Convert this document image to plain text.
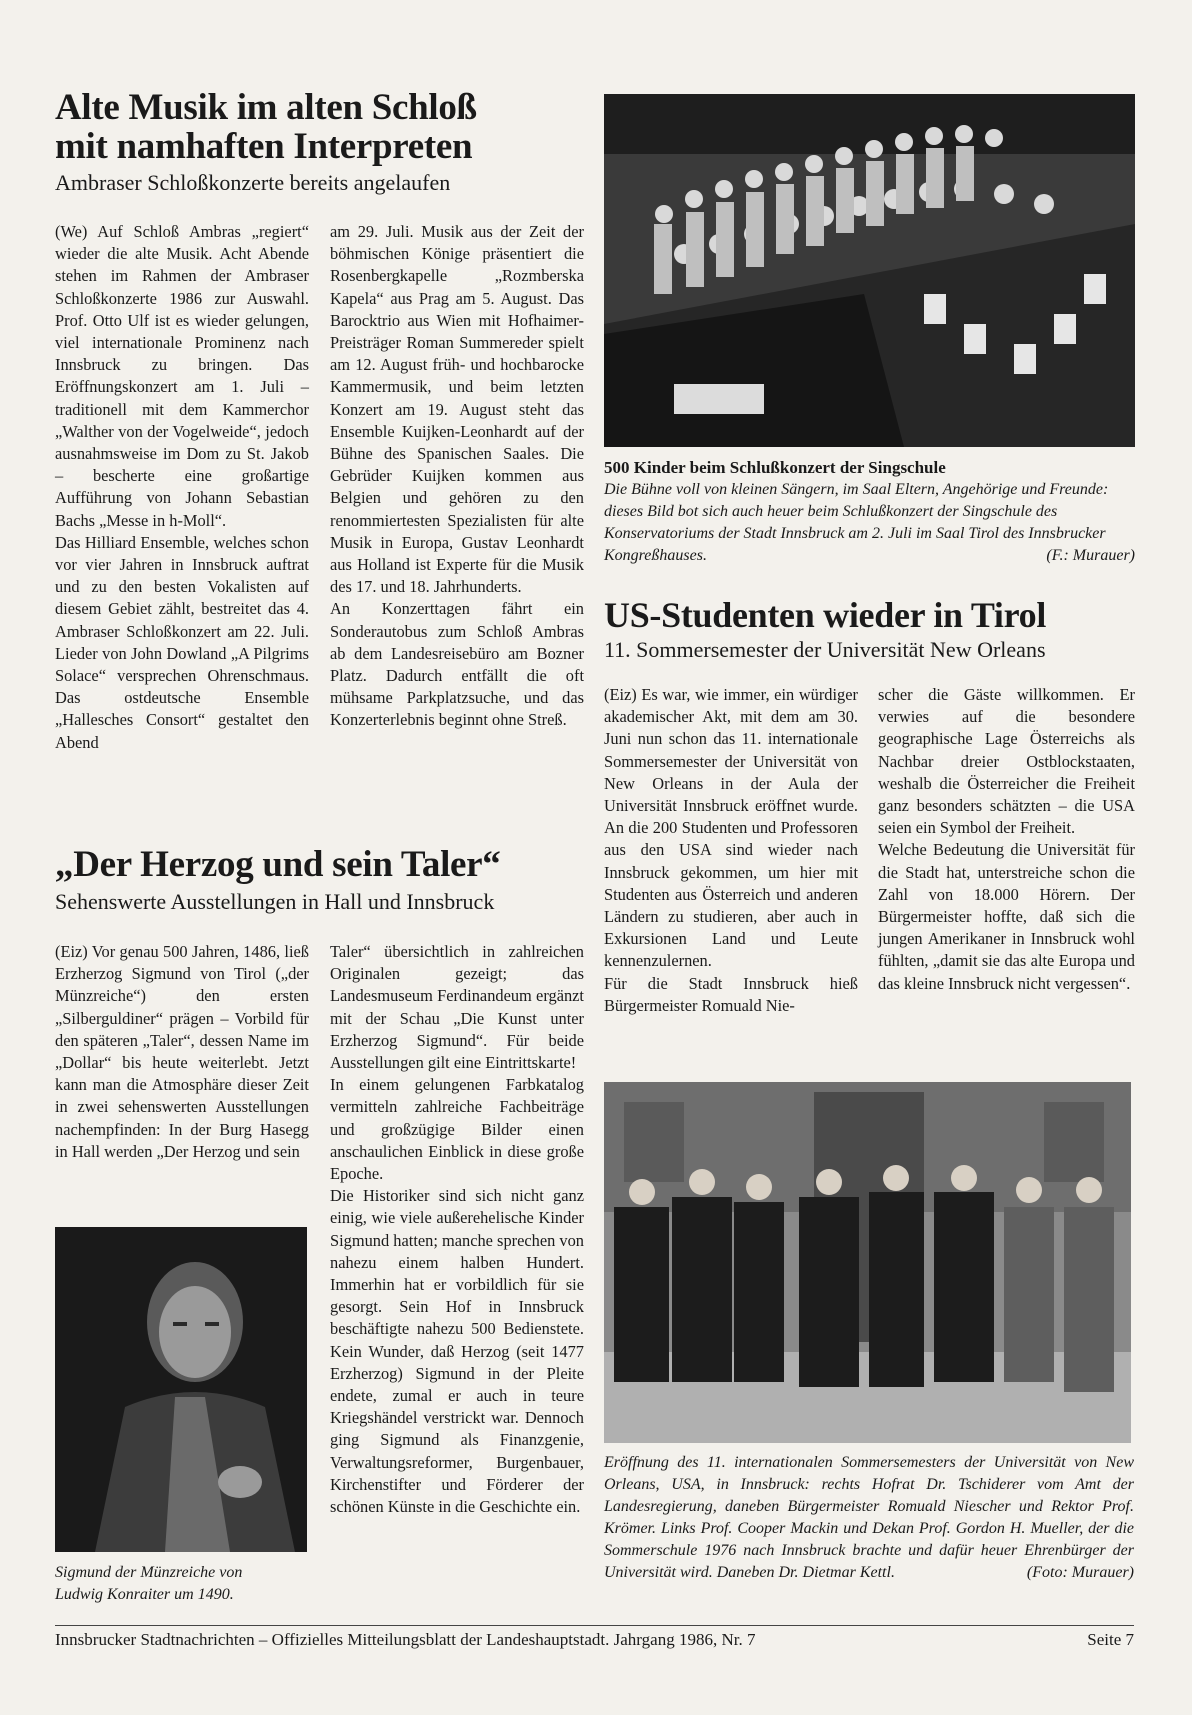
Alte Musik im alten Schloß
mit namhaften Interpreten
Ambraser Schloßkonzerte bereits angelaufen

(We) Auf Schloß Ambras „regiert“ wieder die alte Musik. Acht Abende stehen im Rahmen der Ambraser Schloßkonzerte 1986 zur Auswahl. Prof. Otto Ulf ist es wieder gelungen, viel internationale Prominenz nach Innsbruck zu bringen. Das Eröffnungskonzert am 1. Juli – traditionell mit dem Kammerchor „Walther von der Vogelweide“, jedoch ausnahmsweise im Dom zu St. Jakob – bescherte eine großartige Aufführung von Johann Sebastian Bachs „Messe in h-Moll“.

Das Hilliard Ensemble, welches schon vor vier Jahren in Innsbruck auftrat und zu den besten Vokalisten auf diesem Gebiet zählt, bestreitet das 4. Ambraser Schloßkonzert am 22. Juli. Lieder von John Dowland „A Pilgrims Solace“ versprechen Ohrenschmaus. Das ostdeutsche Ensemble „Hallesches Consort“ gestaltet den Abend

am 29. Juli. Musik aus der Zeit der böhmischen Könige präsentiert die Rosenbergkapelle „Rozmberska Kapela“ aus Prag am 5. August. Das Barocktrio aus Wien mit Hofhaimer-Preisträger Roman Summereder spielt am 12. August früh- und hochbarocke Kammermusik, und beim letzten Konzert am 19. August steht das Ensemble Kuijken-Leonhardt auf der Bühne des Spanischen Saales. Die Gebrüder Kuijken kommen aus Belgien und gehören zu den renommiertesten Spezialisten für alte Musik in Europa, Gustav Leonhardt aus Holland ist Experte für die Musik des 17. und 18. Jahrhunderts.

An Konzerttagen fährt ein Sonderautobus zum Schloß Ambras ab dem Landesreisebüro am Bozner Platz. Dadurch entfällt die oft mühsame Parkplatzsuche, und das Konzerterlebnis beginnt ohne Streß.

500 Kinder beim Schlußkonzert der Singschule
Die Bühne voll von kleinen Sängern, im Saal Eltern, Angehörige und Freunde: dieses Bild bot sich auch heuer beim Schlußkonzert der Singschule des Konservatoriums der Stadt Innsbruck am 2. Juli im Saal Tirol des Innsbrucker Kongreßhauses.	(F.: Murauer)
US-Studenten wieder in Tirol
11. Sommersemester der Universität New Orleans

(Eiz) Es war, wie immer, ein würdiger akademischer Akt, mit dem am 30. Juni nun schon das 11. internationale Sommersemester der Universität von New Orleans in der Aula der Universität Innsbruck eröffnet wurde. An die 200 Studenten und Professoren aus den USA sind wieder nach Innsbruck gekommen, um hier mit Studenten aus Österreich und anderen Ländern zu studieren, aber auch in Exkursionen Land und Leute kennenzulernen.

Für die Stadt Innsbruck hieß Bürgermeister Romuald Nie-

scher die Gäste willkommen. Er verwies auf die besondere geographische Lage Österreichs als Nachbar dreier Ostblockstaaten, weshalb die Österreicher die Freiheit ganz besonders schätzten – die USA seien ein Symbol der Freiheit.

Welche Bedeutung die Universität für die Stadt hat, unterstreiche schon die Zahl von 18.000 Hörern. Der Bürgermeister hoffte, daß sich die jungen Amerikaner in Innsbruck wohl fühlten, „damit sie das alte Europa und das kleine Innsbruck nicht vergessen“.

Eröffnung des 11. internationalen Sommersemesters der Universität von New Orleans, USA, in Innsbruck: rechts Hofrat Dr. Tschiderer vom Amt der Landesregierung, daneben Bürgermeister Romuald Niescher und Rektor Prof. Krömer. Links Prof. Cooper Mackin und Dekan Prof. Gordon H. Mueller, der die Sommerschule 1976 nach Innsbruck brachte und dafür heuer Ehrenbürger der Universität wird. Daneben Dr. Dietmar Kettl.	(Foto: Murauer)
„Der Herzog und sein Taler“
Sehenswerte Ausstellungen in Hall und Innsbruck

(Eiz) Vor genau 500 Jahren, 1486, ließ Erzherzog Sigmund von Tirol („der Münzreiche“) den ersten „Silberguldiner“ prägen – Vorbild für den späteren „Taler“, dessen Name im „Dollar“ bis heute weiterlebt. Jetzt kann man die Atmosphäre dieser Zeit in zwei sehenswerten Ausstellungen nachempfinden: In der Burg Hasegg in Hall werden „Der Herzog und sein

Taler“ übersichtlich in zahlreichen Originalen gezeigt; das Landesmuseum Ferdinandeum ergänzt mit der Schau „Die Kunst unter Erzherzog Sigmund“. Für beide Ausstellungen gilt eine Eintrittskarte!

In einem gelungenen Farbkatalog vermitteln zahlreiche Fachbeiträge und großzügige Bilder einen anschaulichen Einblick in diese große Epoche.

Die Historiker sind sich nicht ganz einig, wie viele außerehelische Kinder Sigmund hatten; manche sprechen von nahezu einem halben Hundert. Immerhin hat er vorbildlich für sie gesorgt. Sein Hof in Innsbruck beschäftigte nahezu 500 Bedienstete. Kein Wunder, daß Herzog (seit 1477 Erzherzog) Sigmund in der Pleite endete, zumal er auch in teure Kriegshändel verstrickt war. Dennoch ging Sigmund als Finanzgenie, Verwaltungsreformer, Burgenbauer, Kirchenstifter und Förderer der schönen Künste in die Geschichte ein.

Sigmund der Münzreiche von
Ludwig Konraiter um 1490.
Innsbrucker Stadtnachrichten – Offizielles Mitteilungsblatt der Landeshauptstadt. Jahrgang 1986, Nr. 7	Seite 7
